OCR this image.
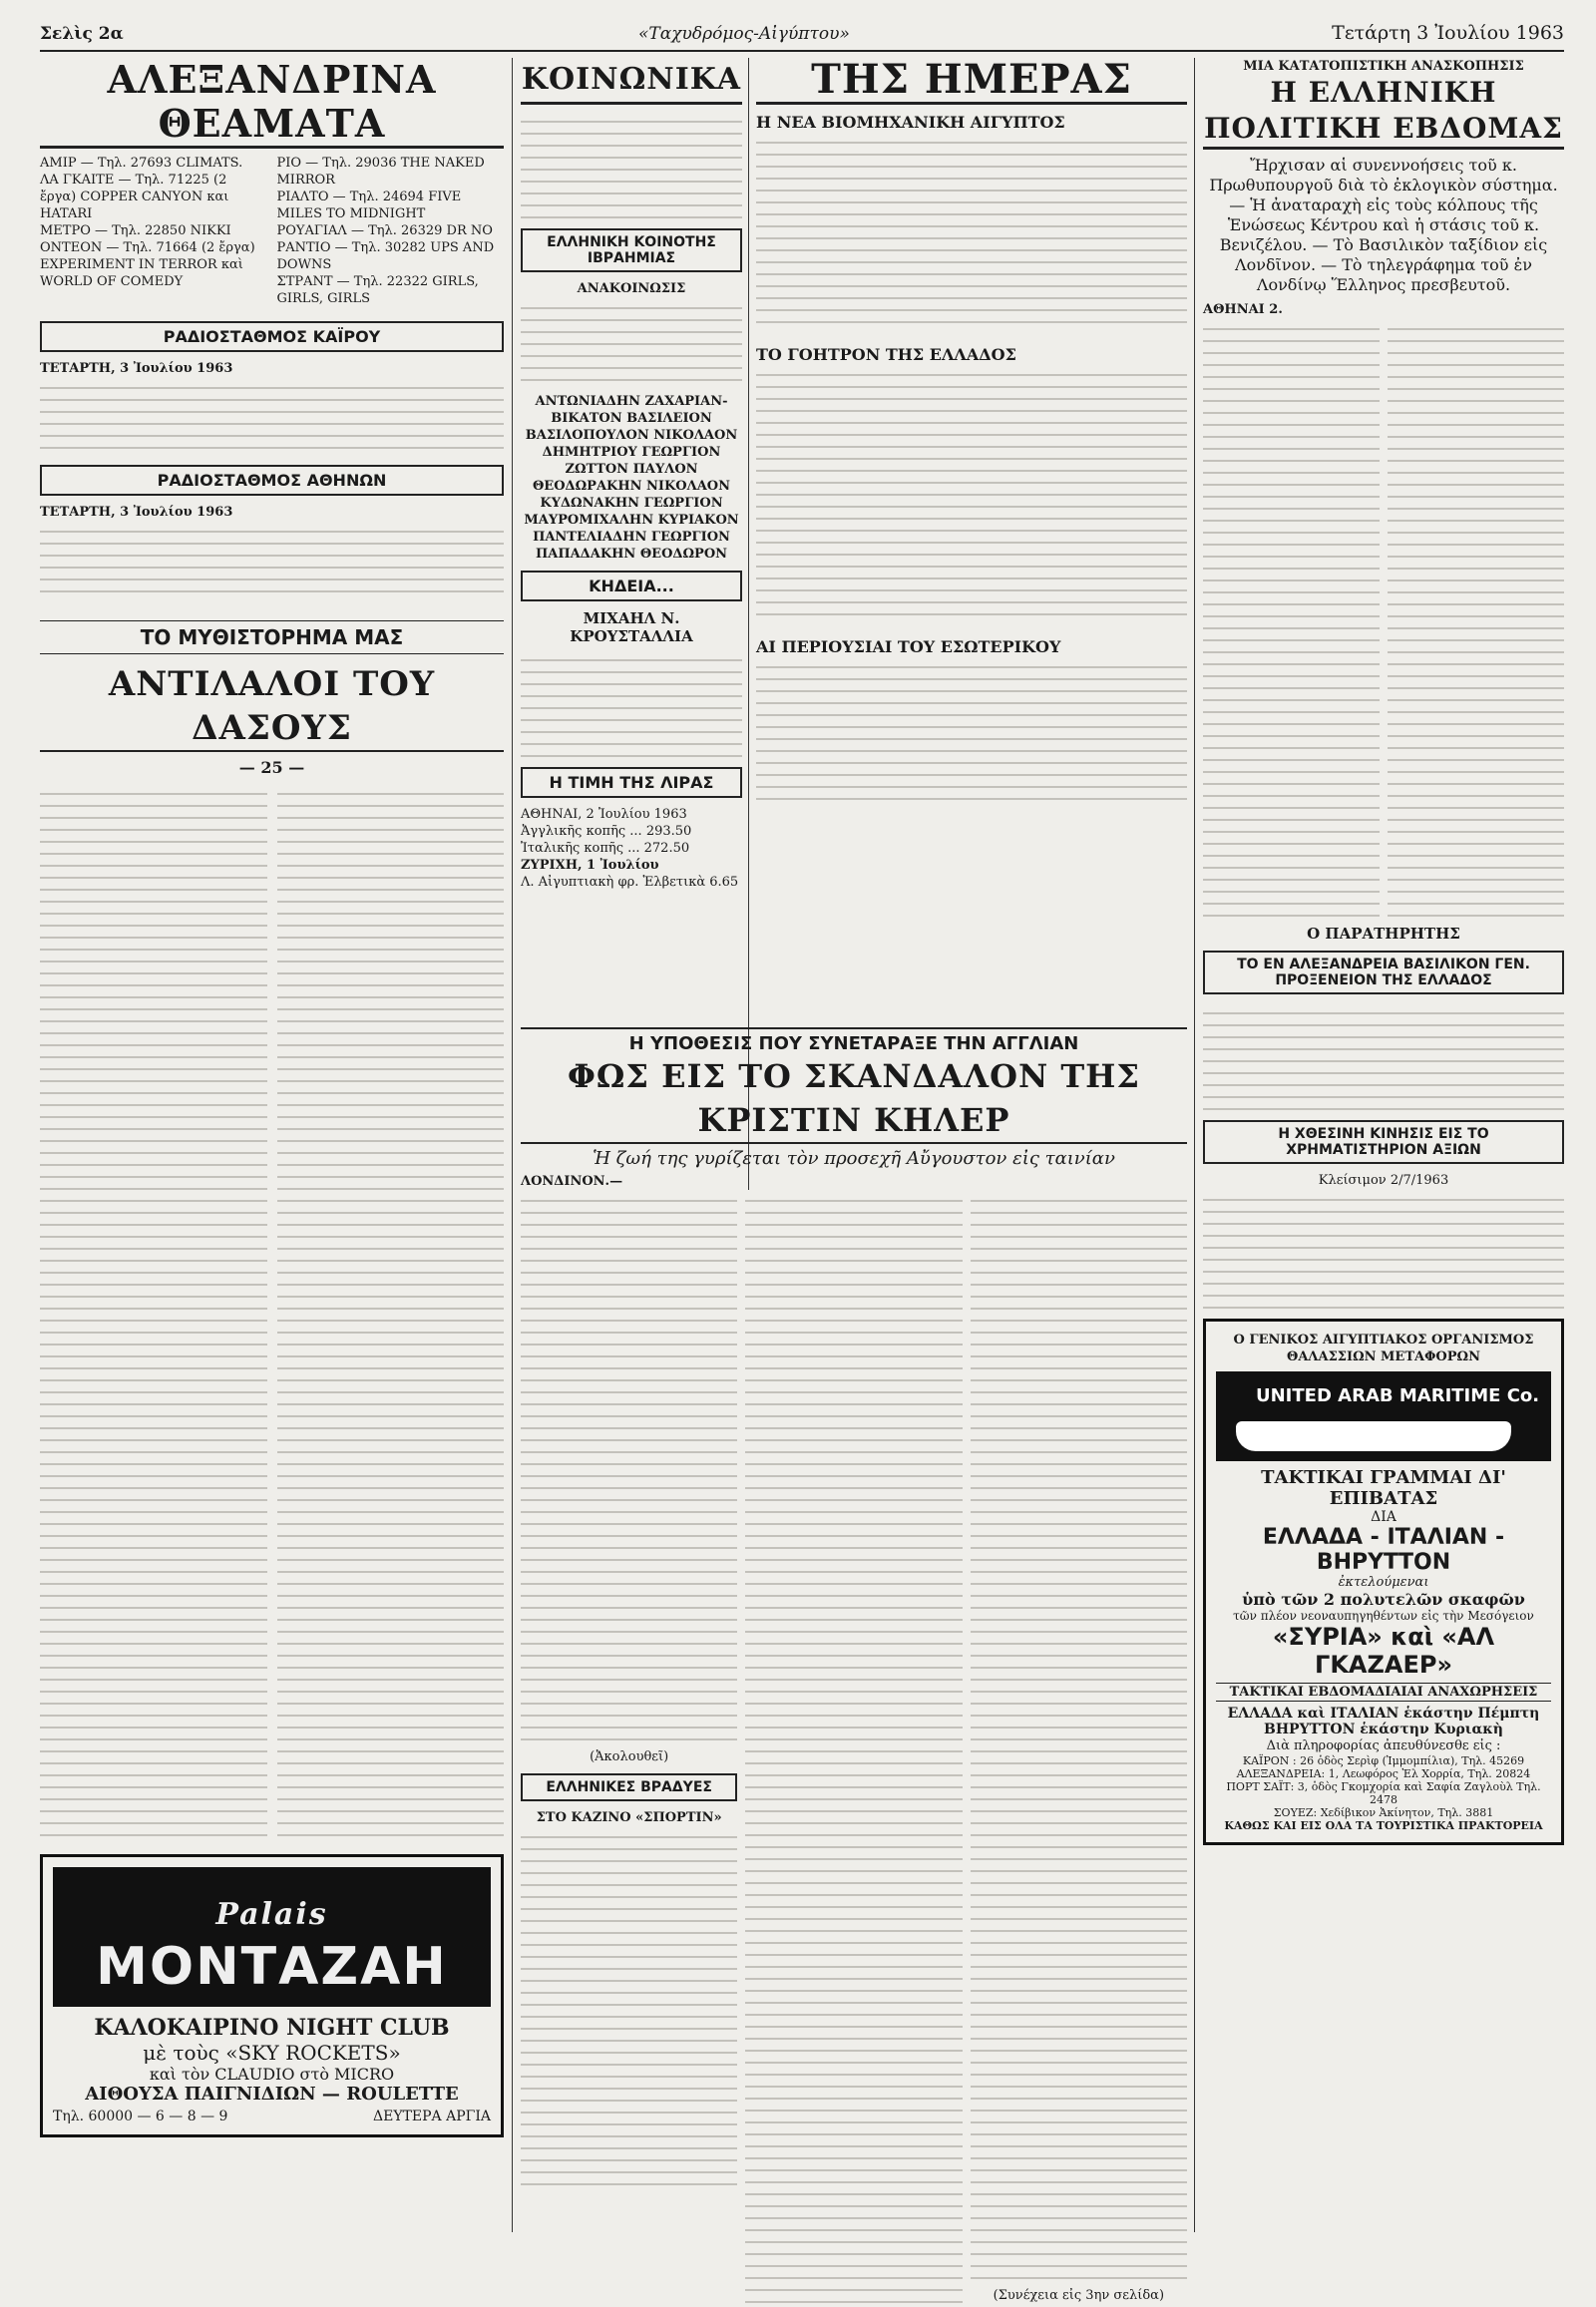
Σελὶς 2α	«Ταχυδρόμος-Αἰγύπτου»	Τετάρτη 3 Ἰουλίου 1963
ΑΛΕΞΑΝΔΡΙΝΑ ΘΕΑΜΑΤΑ

ΑΜΙΡ — Τηλ. 27693 CLIMATS.

ΛΑ ΓΚΑΙΤΕ — Τηλ. 71225 (2 ἔργα) COPPER CANYON και HATARI

ΜΕΤΡΟ — Τηλ. 22850 NIKKI

ΟΝΤΕΟΝ — Τηλ. 71664 (2 ἔργα) EXPERIMENT IN TERROR καὶ WORLD OF COMEDY

ΡΙΟ — Τηλ. 29036 THE NAKED MIRROR

ΡΙΑΛΤΟ — Τηλ. 24694 FIVE MILES TO MIDNIGHT

ΡΟΥΑΓΙΑΛ — Τηλ. 26329 DR NO

ΡΑΝΤΙΟ — Τηλ. 30282 UPS AND DOWNS

ΣΤΡΑΝΤ — Τηλ. 22322 GIRLS, GIRLS, GIRLS

ΡΑΔΙΟΣΤΑΘΜΟΣ ΚΑΪΡΟΥ

ΤΕΤΑΡΤΗ, 3 Ἰουλίου 1963

ΡΑΔΙΟΣΤΑΘΜΟΣ ΑΘΗΝΩΝ

ΤΕΤΑΡΤΗ, 3 Ἰουλίου 1963

ΤΟ ΜΥΘΙΣΤΟΡΗΜΑ ΜΑΣ
ΑΝΤΙΛΑΛΟΙ ΤΟΥ ΔΑΣΟΥΣ

— 25 —

Palais ΜΟΝΤΑΖΑΗ

ΚΑΛΟΚΑΙΡΙΝΟ NIGHT CLUB

μὲ τοὺς «SKY ROCKETS»

καὶ τὸν CLAUDIO στὸ MICRO

ΑΙΘΟΥΣΑ ΠΑΙΓΝΙΔΙΩΝ — ROULETTE

Τηλ. 60000 — 6 — 8 — 9	ΔΕΥΤΕΡΑ ΑΡΓΙΑ
ΚΟΙΝΩΝΙΚΑ
ΕΛΛΗΝΙΚΗ ΚΟΙΝΟΤΗΣ ΙΒΡΑΗΜΙΑΣ

ΑΝΑΚΟΙΝΩΣΙΣ

ΑΝΤΩΝΙΑΔΗΝ ΖΑΧΑΡΙΑΝ-ΒΙΚΑΤΟΝ ΒΑΣΙΛΕΙΟΝ ΒΑΣΙΛΟΠΟΥΛΟΝ ΝΙΚΟΛΑΟΝ ΔΗΜΗΤΡΙΟΥ ΓΕΩΡΓΙΟΝ ΖΩΤΤΟΝ ΠΑΥΛΟΝ ΘΕΟΔΩΡΑΚΗΝ ΝΙΚΟΛΑΟΝ ΚΥΔΩΝΑΚΗΝ ΓΕΩΡΓΙΟΝ ΜΑΥΡΟΜΙΧΑΛΗΝ ΚΥΡΙΑΚΟΝ ΠΑΝΤΕΛΙΑΔΗΝ ΓΕΩΡΓΙΟΝ ΠΑΠΑΔΑΚΗΝ ΘΕΟΔΩΡΟΝ

ΚΗΔΕΙΑ...

ΜΙΧΑΗΛ Ν. ΚΡΟΥΣΤΑΛΛΙΑ

Η ΤΙΜΗ ΤΗΣ ΛΙΡΑΣ

ΑΘΗΝΑΙ, 2 Ἰουλίου 1963

Ἀγγλικῆς κοπῆς ... 293.50

Ἰταλικῆς κοπῆς ... 272.50

ΖΥΡΙΧΗ, 1 Ἰουλίου

Λ. Αἰγυπτιακὴ φρ. Ἑλβετικὰ 6.65

ΤΗΣ ΗΜΕΡΑΣ

Η ΝΕΑ ΒΙΟΜΗΧΑΝΙΚΗ ΑΙΓΥΠΤΟΣ

ΤΟ ΓΟΗΤΡΟΝ ΤΗΣ ΕΛΛΑΔΟΣ

ΑΙ ΠΕΡΙΟΥΣΙΑΙ ΤΟΥ ΕΣΩΤΕΡΙΚΟΥ

ΜΙΑ ΚΑΤΑΤΟΠΙΣΤΙΚΗ ΑΝΑΣΚΟΠΗΣΙΣ

Η ΕΛΛΗΝΙΚΗ ΠΟΛΙΤΙΚΗ ΕΒΔΟΜΑΣ

Ἤρχισαν αἱ συνεννοήσεις τοῦ κ. Πρωθυπουργοῦ διὰ τὸ ἐκλογικὸν σύστημα. — Ἡ ἀναταραχὴ εἰς τοὺς κόλπους τῆς Ἑνώσεως Κέντρου καὶ ἡ στάσις τοῦ κ. Βενιζέλου. — Τὸ Βασιλικὸν ταξίδιον εἰς Λονδῖνον. — Τὸ τηλεγράφημα τοῦ ἐν Λονδίνῳ Ἕλληνος πρεσβευτοῦ.

ΑΘΗΝΑΙ 2.

Ο ΠΑΡΑΤΗΡΗΤΗΣ

ΤΟ ΕΝ ΑΛΕΞΑΝΔΡΕΙΑ ΒΑΣΙΛΙΚΟΝ ΓΕΝ. ΠΡΟΞΕΝΕΙΟΝ ΤΗΣ ΕΛΛΑΔΟΣ
Η ΧΘΕΣΙΝΗ ΚΙΝΗΣΙΣ ΕΙΣ ΤΟ ΧΡΗΜΑΤΙΣΤΗΡΙΟΝ ΑΞΙΩΝ

Κλείσιμον 2/7/1963

Ο ΓΕΝΙΚΟΣ ΑΙΓΥΠΤΙΑΚΟΣ ΟΡΓΑΝΙΣΜΟΣ ΘΑΛΑΣΣΙΩΝ ΜΕΤΑΦΟΡΩΝ

UNITED ARAB MARITIME Co.

ΤΑΚΤΙΚΑΙ ΓΡΑΜΜΑΙ ΔΙ' ΕΠΙΒΑΤΑΣ

ΔΙΑ

ΕΛΛΑΔΑ - ΙΤΑΛΙΑΝ - ΒΗΡΥΤΤΟΝ

ἐκτελούμεναι

ὑπὸ τῶν 2 πολυτελῶν σκαφῶν

τῶν πλέον νεοναυπηγηθέντων εἰς τὴν Μεσόγειον

«ΣΥΡΙΑ» καὶ «ΑΛ ΓΚΑΖΑΕΡ»

ΤΑΚΤΙΚΑΙ ΕΒΔΟΜΑΔΙΑΙΑΙ ΑΝΑΧΩΡΗΣΕΙΣ

ΕΛΛΑΔΑ καὶ ΙΤΑΛΙΑΝ ἑκάστην Πέμπτη

ΒΗΡΥΤΤΟΝ ἑκάστην Κυριακὴ

Διὰ πληροφορίας ἀπευθύνεσθε εἰς :

ΚΑΪΡΟΝ : 26 ὁδὸς Σερὶφ (Ἰμμομπίλια), Τηλ. 45269

ΑΛΕΞΑΝΔΡΕΙΑ: 1, Λεωφόρος Ἐλ Χορρία, Τηλ. 20824

ΠΟΡΤ ΣΑΪΤ: 3, ὁδὸς Γκομχορία καὶ Σαφία Ζαγλοὺλ Τηλ. 2478

ΣΟΥΕΖ: Χεδίβικον Ἀκίνητον, Τηλ. 3881

ΚΑΘΩΣ ΚΑΙ ΕΙΣ ΟΛΑ ΤΑ ΤΟΥΡΙΣΤΙΚΑ ΠΡΑΚΤΟΡΕΙΑ

Η ΥΠΟΘΕΣΙΣ ΠΟΥ ΣΥΝΕΤΑΡΑΞΕ ΤΗΝ ΑΓΓΛΙΑΝ

ΦΩΣ ΕΙΣ ΤΟ ΣΚΑΝΔΑΛΟΝ ΤΗΣ ΚΡΙΣΤΙΝ ΚΗΛΕΡ

Ἡ ζωή της γυρίζεται τὸν προσεχῆ Αὔγουστον εἰς ταινίαν

ΛΟΝΔΙΝΟΝ.—

(Ἀκολουθεῖ)

ΕΛΛΗΝΙΚΕΣ ΒΡΑΔΥΕΣ

ΣΤΟ ΚΑΖΙΝΟ «ΣΠΟΡΤΙΝ»

(Συνέχεια εἰς 3ην σελίδα)
